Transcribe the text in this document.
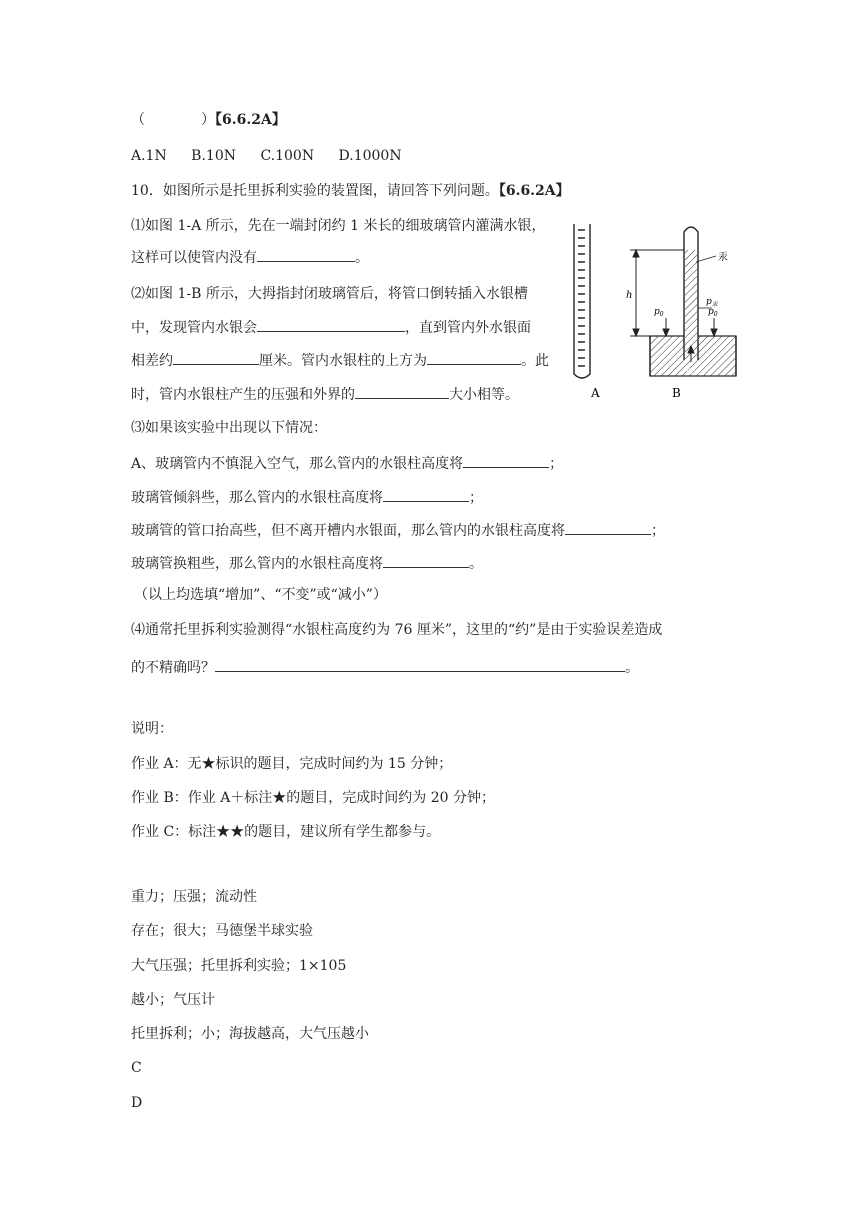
（	）【6.6.2A】
A.1N B.10N C.100N D.1000N
10．如图所示是托里拆利实验的装置图，请回答下列问题。【6.6.2A】
⑴如图 1-A 所示，先在一端封闭约 1 米长的细玻璃管内灌满水银，
这样可以使管内没有	。
⑵如图 1-B 所示，大拇指封闭玻璃管后，将管口倒转插入水银槽
中，发现管内水银会	，直到管内外水银面
相差约	厘米。管内水银柱的上方为	。此
时，管内水银柱产生的压强和外界的	大小相等。	A
h
汞
$p_汞$
$p_0$	$p_0$
$p_0$
B
⑶如果该实验中出现以下情况：
A、玻璃管内不慎混入空气，那么管内的水银柱高度将	；
玻璃管倾斜些，那么管内的水银柱高度将	；
玻璃管的管口抬高些，但不离开槽内水银面，那么管内的水银柱高度将	；
玻璃管换粗些，那么管内的水银柱高度将	。
（以上均选填“增加”、“不变”或“减小”）
⑷通常托里拆利实验测得“水银柱高度约为 76 厘米”，这里的“约”是由于实验误差造成
的不精确吗？	。
说明：
作业 A：无★标识的题目，完成时间约为 15 分钟；
作业 B：作业 A＋标注★的题目，完成时间约为 20 分钟；
作业 C：标注★★的题目，建议所有学生都参与。
重力；压强；流动性
存在；很大；马德堡半球实验
大气压强；托里拆利实验；1×105
越小；气压计
托里拆利；小；海拔越高，大气压越小
C
D
